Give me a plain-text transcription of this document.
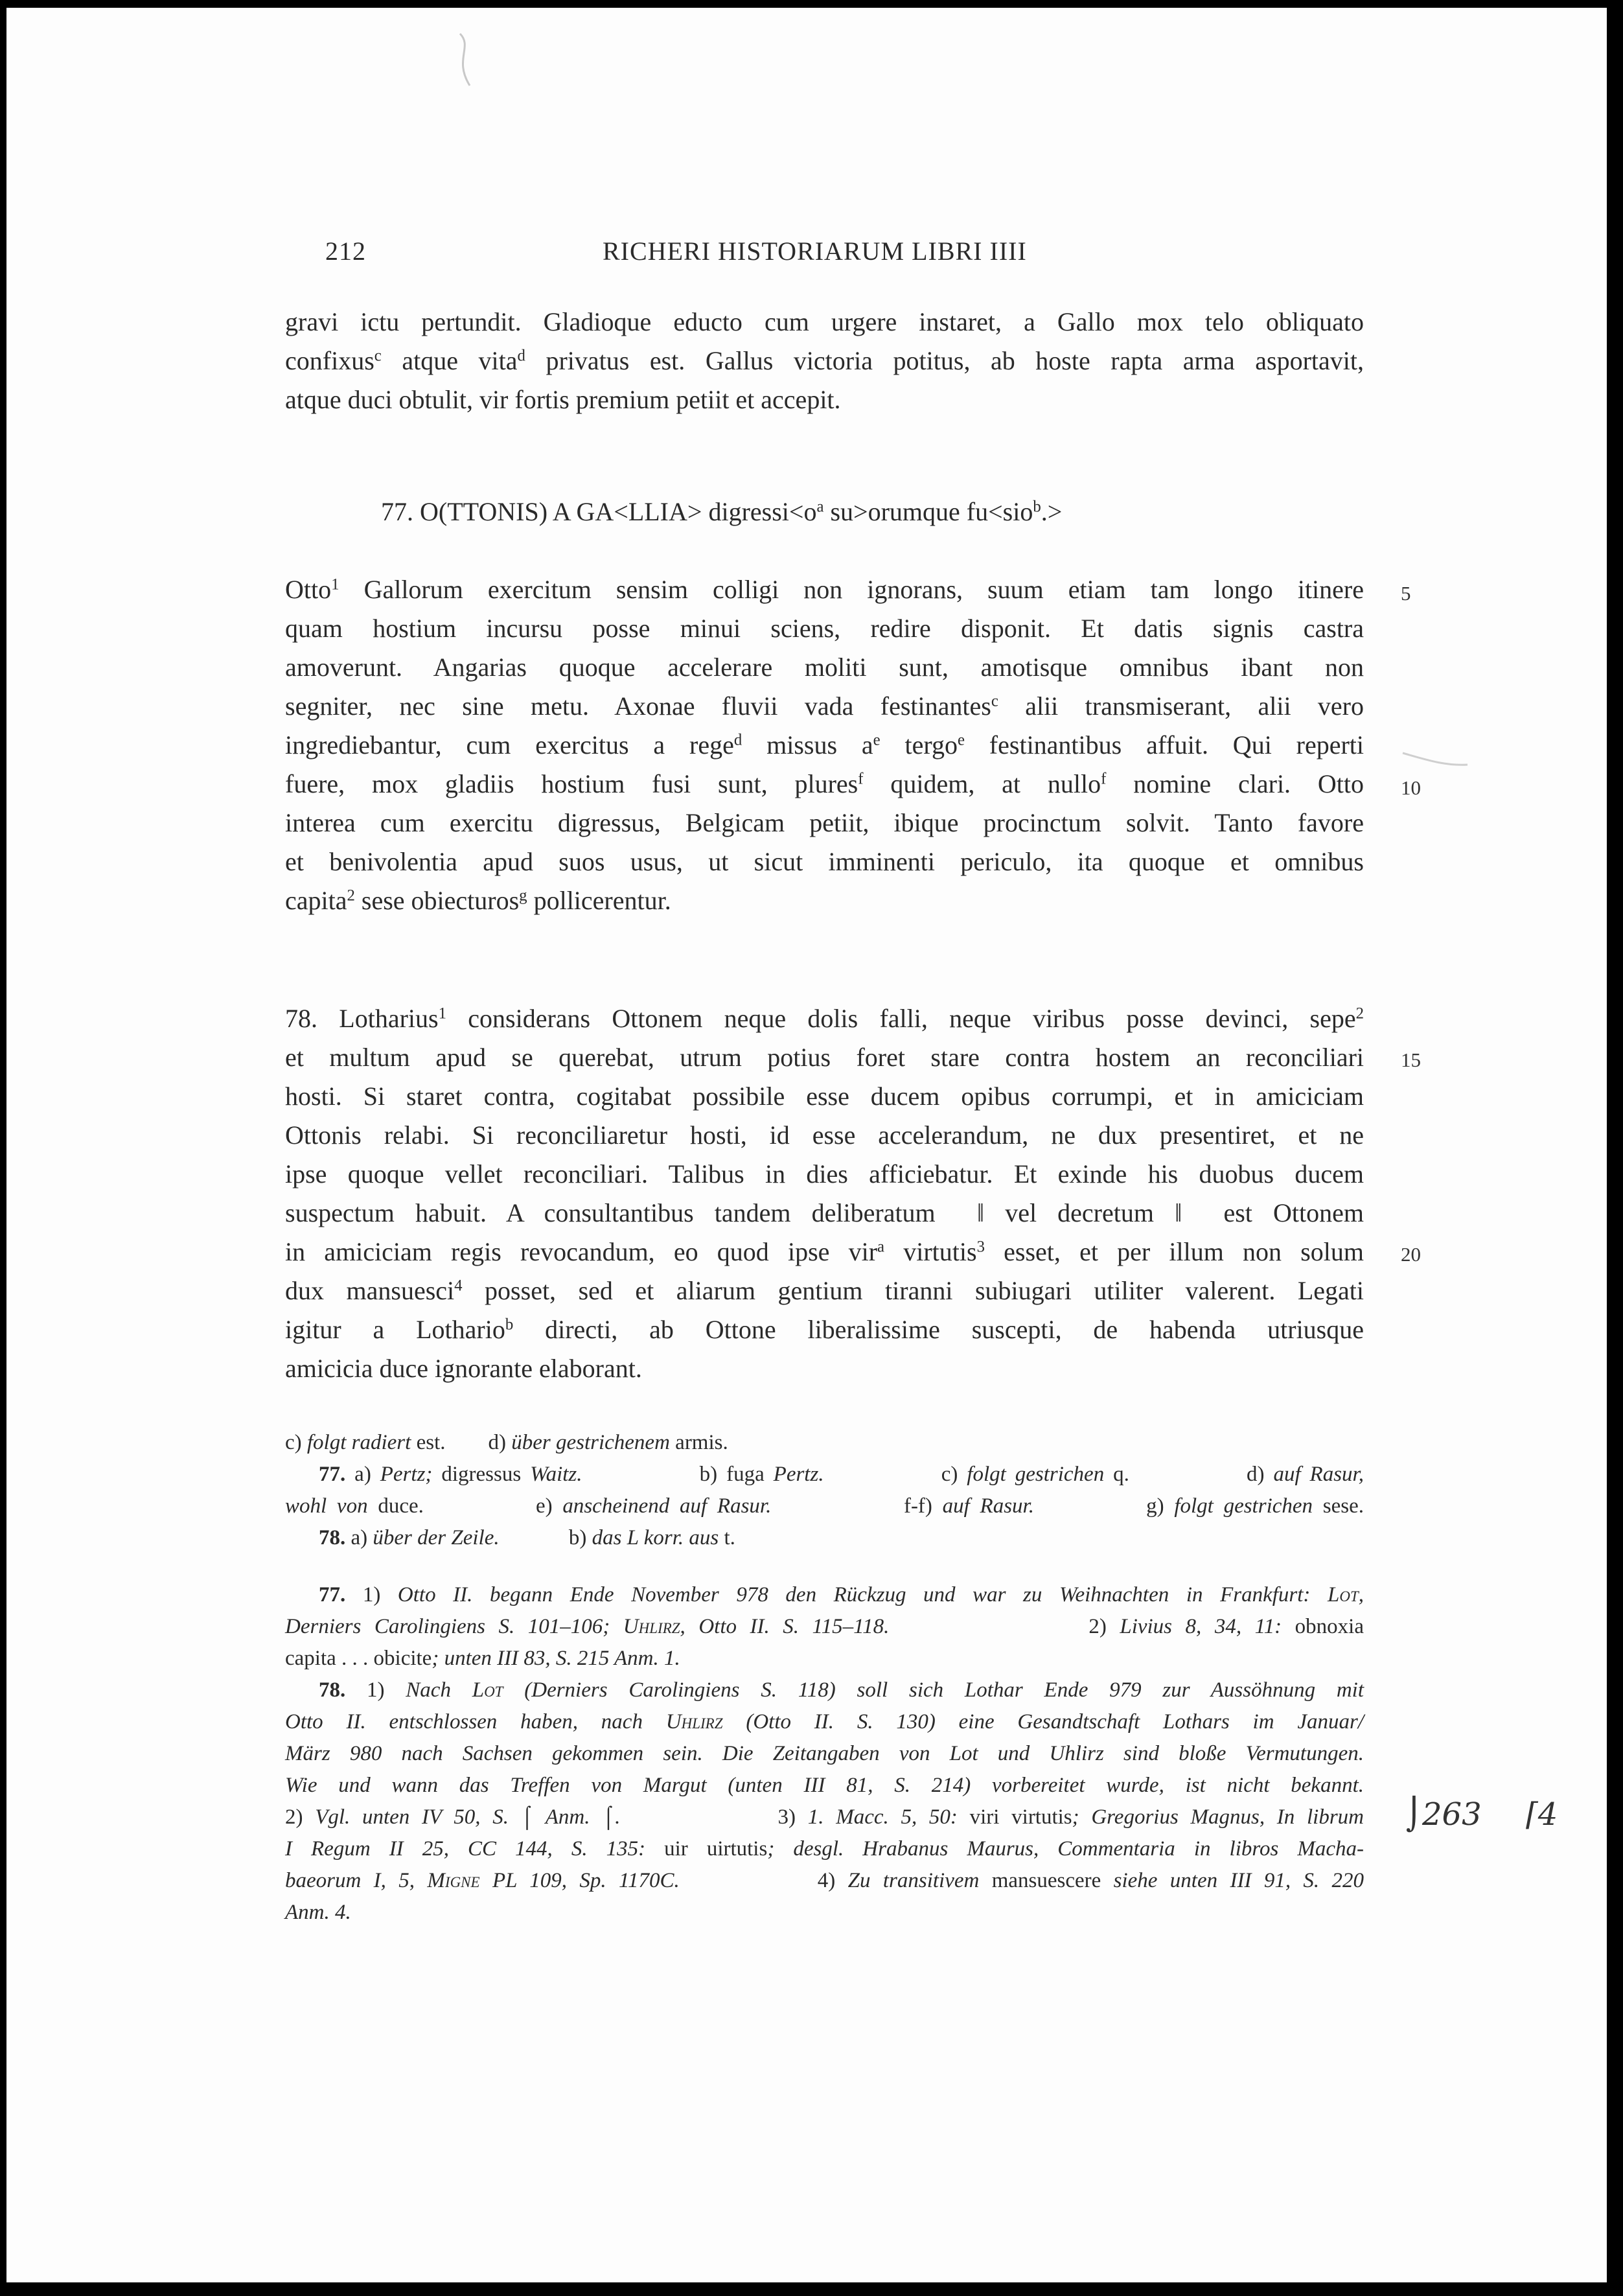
212	RICHERI HISTORIARUM LIBRI IIII
gravi ictu pertundit. Gladioque educto cum urgere instaret, a Gallo mox telo obliquato
confixus$^c$ atque vita$^d$ privatus est. Gallus victoria potitus, ab hoste rapta arma asportavit,
atque duci obtulit, vir fortis premium petiit et accepit.
77. O(TTONIS) A GA<LLIA> $digressi<o^a$ su>orumque fu<sio$^b$.>
Otto$^1$ Gallorum exercitum sensim colligi non ignorans, suum etiam tam longo itinere
quam hostium incursu posse minui sciens, redire disponit. Et datis signis castra
amoverunt. Angarias quoque accelerare moliti sunt, amotisque omnibus ibant non
segniter, nec sine metu. Axonae fluvii vada festinantes$^c$ alii transmiserant, alii vero
ingrediebantur, cum exercitus a rege$^d$ missus $a^e$ tergo$^e$ festinantibus affuit. Qui reperti
fuere, mox gladiis hostium fusi sunt, plures$^f$ quidem, at nullo$^f$ nomine clari. Otto
interea cum exercitu digressus, Belgicam petiit, ibique procinctum solvit. Tanto favore
et benivolentia apud suos usus, ut sicut imminenti periculo, ita quoque et omnibus
capita$^2$ sese obiecturos$^g$ pollicerentur.
78. Lotharius$^1$ considerans Ottonem neque dolis falli, neque viribus posse devinci, sepe$^2$
et multum apud se querebat, utrum potius foret stare contra hostem an reconciliari
hosti. Si staret contra, cogitabat possibile esse ducem opibus corrumpi, et in amiciciam
Ottonis relabi. Si reconciliaretur hosti, id esse accelerandum, ne dux presentiret, et ne
ipse quoque vellet reconciliari. Talibus in dies afficiebatur. Et exinde his duobus ducem
suspectum habuit. A consultantibus tandem deliberatum  ‖ vel decretum ‖  est Ottonem
in amiciciam regis revocandum, eo quod ipse vir$^a$ virtutis$^3$ esset, et per illum non solum
dux mansuesci$^4$ posset, sed et aliarum gentium tiranni subiugari utiliter valerent. Legati
igitur a Lothario$^b$ directi, ab Ottone liberalissime suscepti, de habenda utriusque
amicicia duce ignorante elaborant.
5
10
15
20
c) folgt radiert est.        d) über gestrichenem armis.
77. a) Pertz; digressus Waitz.             b) fuga Pertz.             c) folgt gestrichen q.             d) auf Rasur,
wohl von duce.           e) anscheinend auf Rasur.             f-f) auf Rasur.           g) folgt gestrichen sese.
78. a) über der Zeile.             b) das L korr. aus t.
77. 1) Otto II. begann Ende November 978 den Rückzug und war zu Weihnachten in Frankfurt: Lot,
Derniers Carolingiens S. 101–106; Uhlirz, Otto II. S. 115–118.               2) Livius 8, 34, 11: obnoxia
capita . . . obicite; unten III 83, S. 215 Anm. 1.
78. 1) Nach Lot (Derniers Carolingiens S. 118) soll sich Lothar Ende 979 zur Aussöhnung mit
Otto II. entschlossen haben, nach Uhlirz (Otto II. S. 130) eine Gesandtschaft Lothars im Januar/
März 980 nach Sachsen gekommen sein. Die Zeitangaben von Lot und Uhlirz sind bloße Vermutungen.
Wie und wann das Treffen von Margut (unten III 81, S. 214) vorbereitet wurde, ist nicht bekannt.
2) Vgl. unten IV 50, S. ⌠ Anm. ⌠.             3) 1. Macc. 5, 50: viri virtutis; Gregorius Magnus, In librum
I Regum II 25, CC 144, S. 135: uir uirtutis; desgl. Hrabanus Maurus, Commentaria in libros Macha-
baeorum I, 5, Migne PL 109, Sp. 1170C.           4) Zu transitivem mansuescere siehe unten III 91, S. 220
Anm. 4.
⌡263 ⌈4
